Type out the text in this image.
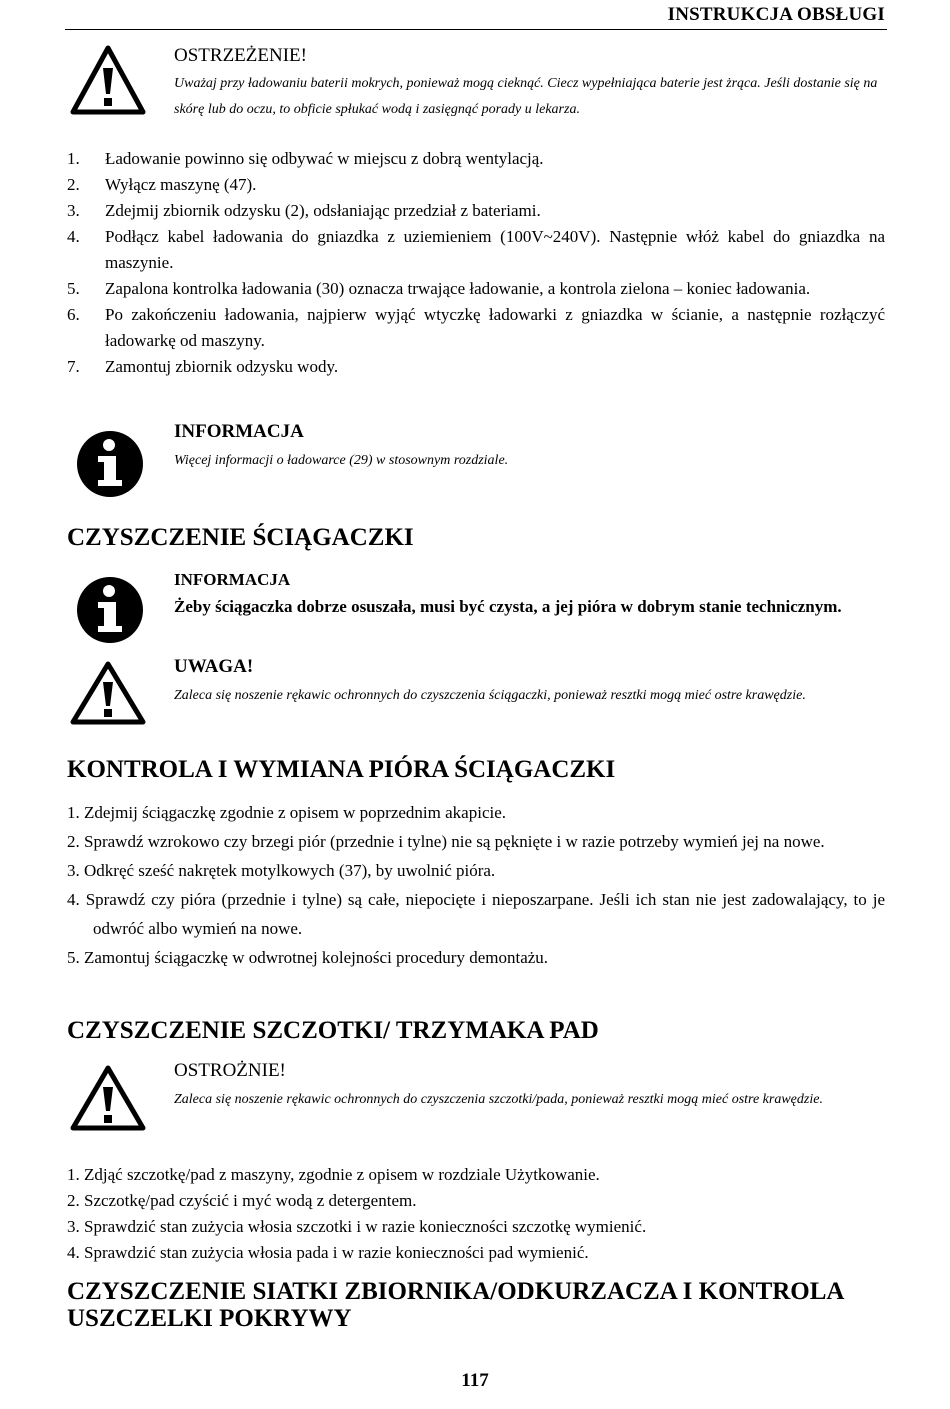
INSTRUKCJA OBSŁUGI
OSTRZEŻENIE!
Uważaj przy ładowaniu baterii mokrych, ponieważ mogą cieknąć. Ciecz wypełniająca baterie jest żrąca. Jeśli dostanie się na skórę lub do oczu, to obficie spłukać wodą i zasięgnąć porady u lekarza.
1. Ładowanie powinno się odbywać w miejscu z dobrą wentylacją.
2. Wyłącz maszynę (47).
3. Zdejmij zbiornik odzysku (2), odsłaniając przedział z bateriami.
4. Podłącz kabel ładowania do gniazdka z uziemieniem (100V~240V). Następnie włóż kabel do gniazdka na maszynie.
5. Zapalona kontrolka ładowania (30) oznacza trwające ładowanie, a kontrola zielona – koniec ładowania.
6. Po zakończeniu ładowania, najpierw wyjąć wtyczkę ładowarki z gniazdka w ścianie, a następnie rozłączyć ładowarkę od maszyny.
7. Zamontuj zbiornik odzysku wody.
INFORMACJA
Więcej informacji o ładowarce (29) w stosownym rozdziale.
CZYSZCZENIE ŚCIĄGACZKI
INFORMACJA
Żeby ściągaczka dobrze osuszała, musi być czysta, a jej pióra w dobrym stanie technicznym.
UWAGA!
Zaleca się noszenie rękawic ochronnych do czyszczenia ściągaczki, ponieważ resztki mogą mieć ostre krawędzie.
KONTROLA I WYMIANA PIÓRA ŚCIĄGACZKI
1. Zdejmij ściągaczkę zgodnie z opisem w poprzednim akapicie.
2. Sprawdź wzrokowo czy brzegi piór (przednie i tylne) nie są pęknięte i w razie potrzeby wymień jej na nowe.
3. Odkręć sześć nakrętek motylkowych (37), by uwolnić pióra.
4. Sprawdź czy pióra (przednie i tylne) są całe, niepocięte i nieposzarpane. Jeśli ich stan nie jest zadowalający, to je odwróć albo wymień na nowe.
5. Zamontuj ściągaczkę w odwrotnej kolejności procedury demontażu.
CZYSZCZENIE SZCZOTKI/ TRZYMAKA PAD
OSTROŻNIE!
Zaleca się noszenie rękawic ochronnych do czyszczenia szczotki/pada, ponieważ resztki mogą mieć ostre krawędzie.
1. Zdjąć szczotkę/pad z maszyny, zgodnie z opisem w rozdziale Użytkowanie.
2. Szczotkę/pad czyścić i myć wodą z detergentem.
3. Sprawdzić stan zużycia włosia szczotki i w razie konieczności szczotkę wymienić.
4. Sprawdzić stan zużycia włosia pada i w razie konieczności pad wymienić.
CZYSZCZENIE SIATKI ZBIORNIKA/ODKURZACZA I KONTROLA USZCZELKI POKRYWY
117
